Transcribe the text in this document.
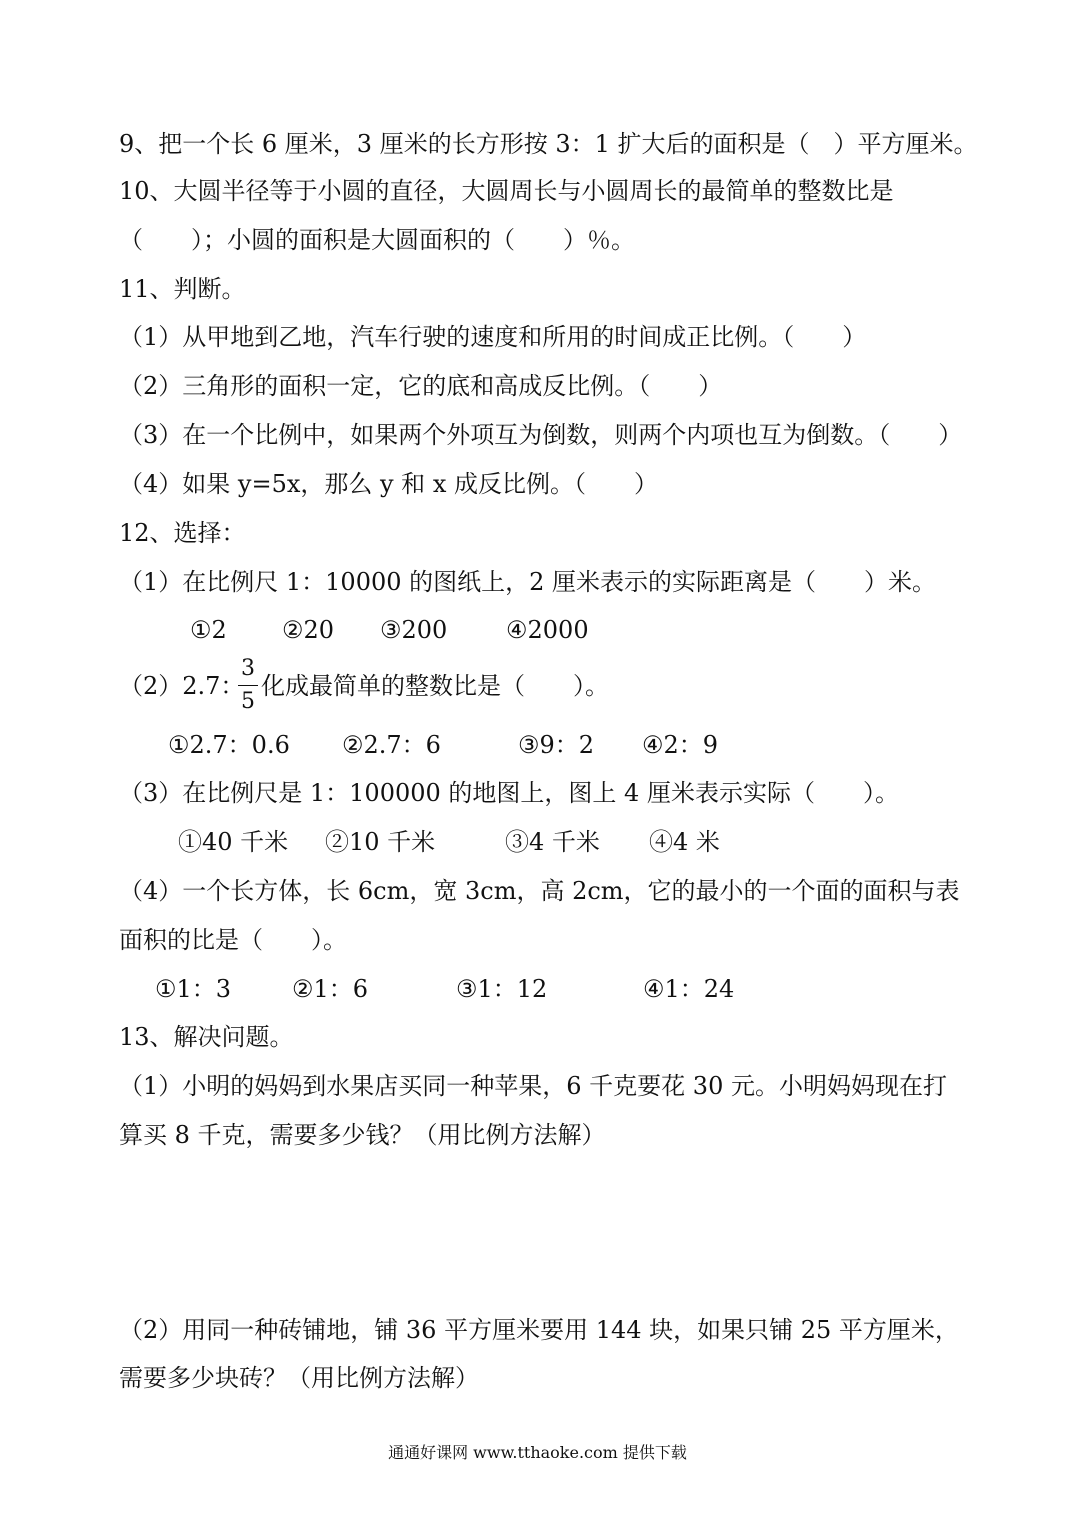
9、把一个长 6 厘米，3 厘米的长方形按 3：1 扩大后的面积是（　）平方厘米。
10、大圆半径等于小圆的直径，大圆周长与小圆周长的最简单的整数比是
（　　）；小圆的面积是大圆面积的（　　）％。
11、判断。
（1）从甲地到乙地，汽车行驶的速度和所用的时间成正比例。（　　）
（2）三角形的面积一定，它的底和高成反比例。（　　）
（3）在一个比例中，如果两个外项互为倒数，则两个内项也互为倒数。（　　）
（4）如果 y=5x，那么 y 和 x 成反比例。（　　）
12、选择：
（1）在比例尺 1：10000 的图纸上，2 厘米表示的实际距离是（　　）米。
①2 ②20 ③200 ④2000
（2）2.7：
3
5
化成最简单的整数比是（　　）。
①2.7：0.6 ②2.7：6	③9：2 ④2：9
（3）在比例尺是 1：100000 的地图上，图上 4 厘米表示实际（　　）。
①40 千米 ②10 千米	③4 千米 ④4 米
（4）一个长方体，长 6cm，宽 3cm，高 2cm，它的最小的一个面的面积与表
面积的比是（　　）。
①1：3	②1：6	③1：12	④1：24
13、解决问题。
（1）小明的妈妈到水果店买同一种苹果，6 千克要花 30 元。小明妈妈现在打
算买 8 千克，需要多少钱？（用比例方法解）
（2）用同一种砖铺地，铺 36 平方厘米要用 144 块，如果只铺 25 平方厘米，
需要多少块砖？（用比例方法解）
通通好课网 www.tthaoke.com 提供下载
